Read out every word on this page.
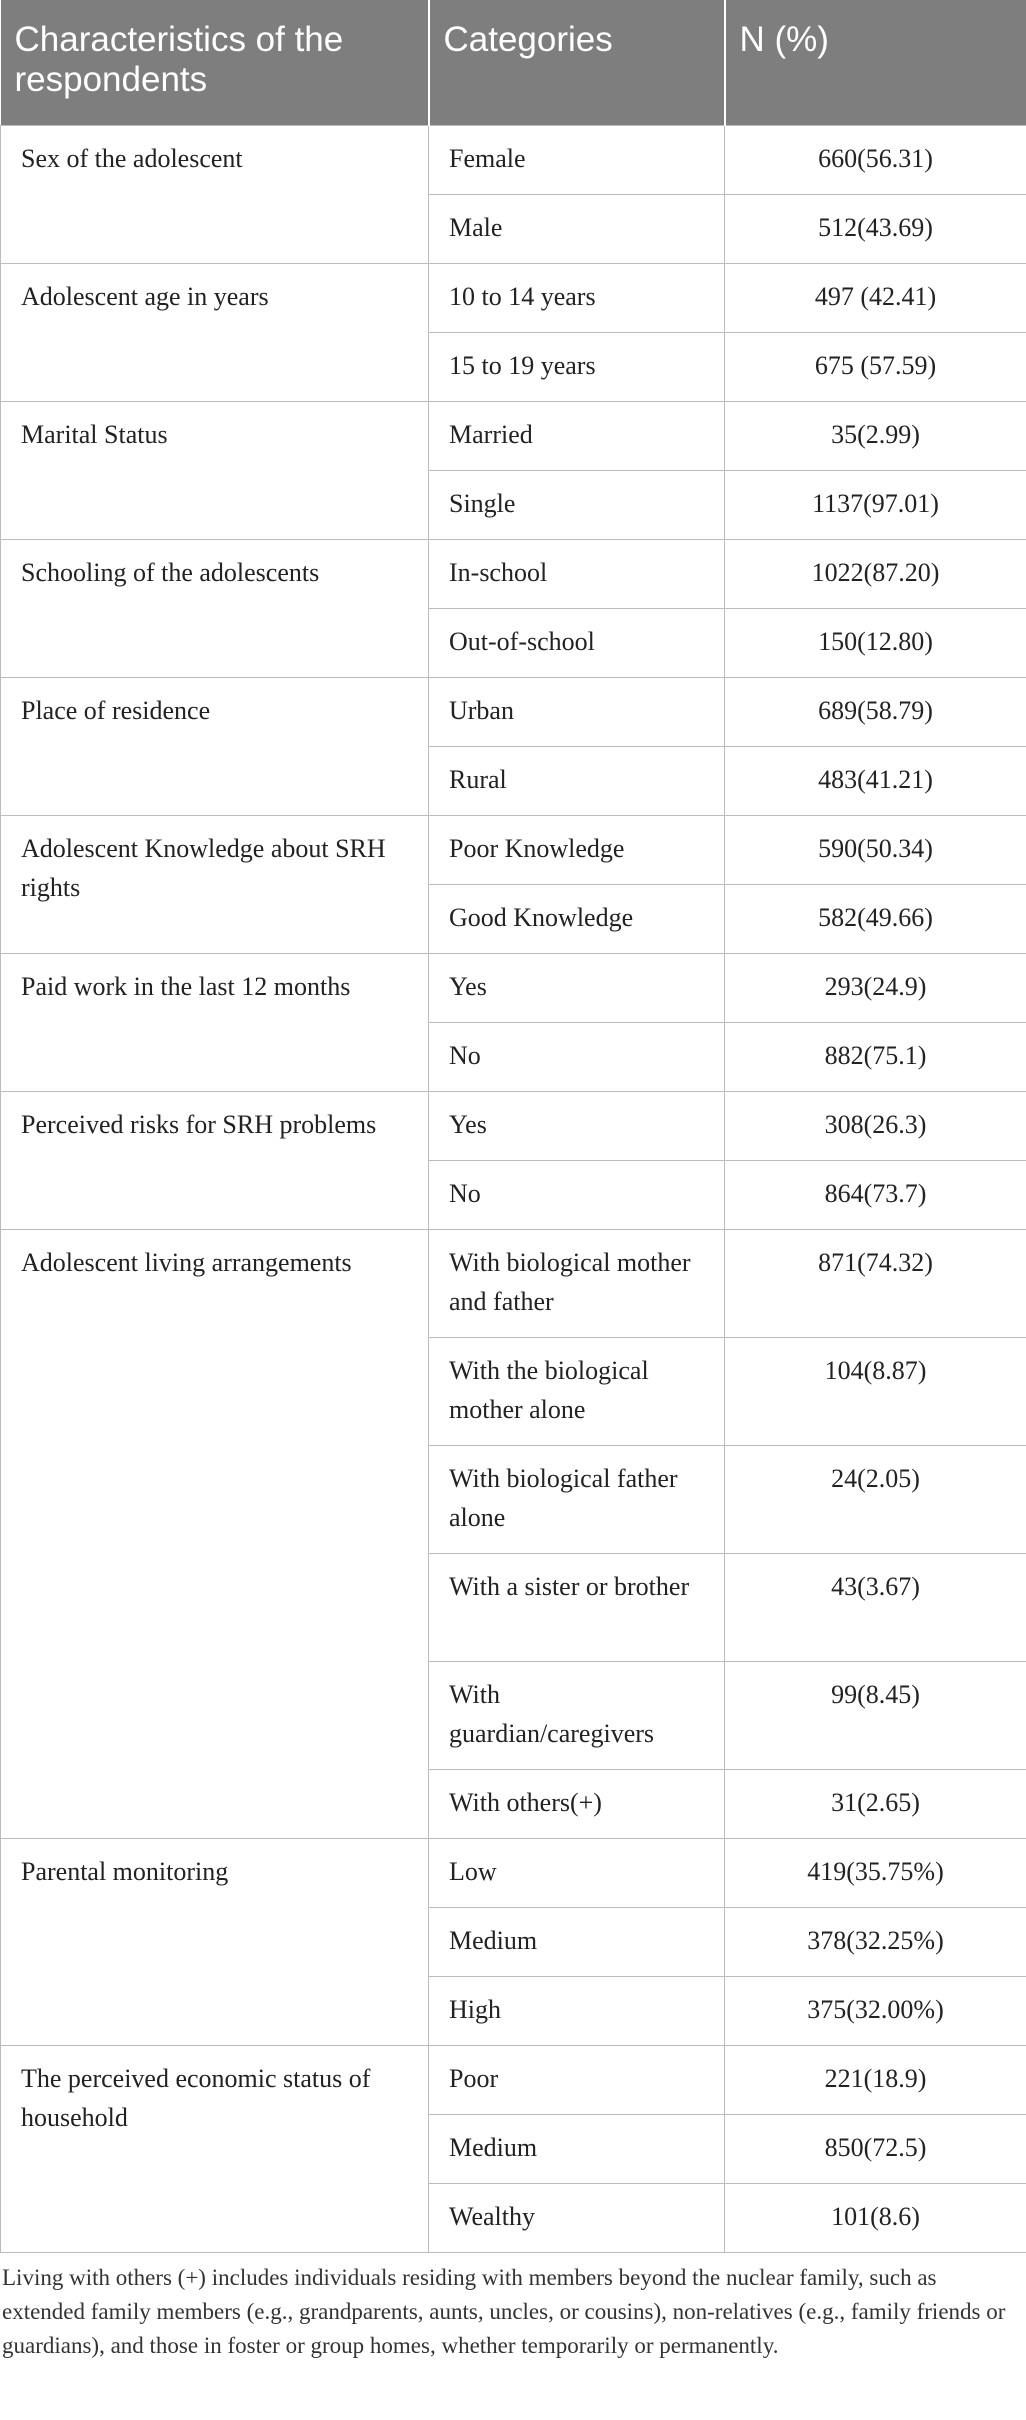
Characteristics of the respondents	Categories	N (%)
Sex of the adolescent	Female	660(56.31)
	Male	512(43.69)
Adolescent age in years	10 to 14 years	497 (42.41)
	15 to 19 years	675 (57.59)
Marital Status	Married	35(2.99)
	Single	1137(97.01)
Schooling of the adolescents	In-school	1022(87.20)
	Out-of-school	150(12.80)
Place of residence	Urban	689(58.79)
	Rural	483(41.21)
Adolescent Knowledge about SRH rights	Poor Knowledge	590(50.34)
	Good Knowledge	582(49.66)
Paid work in the last 12 months	Yes	293(24.9)
	No	882(75.1)
Perceived risks for SRH problems	Yes	308(26.3)
	No	864(73.7)
Adolescent living arrangements	With biological mother and father	871(74.32)
	With the biological mother alone	104(8.87)
	With biological father alone	24(2.05)
	With a sister or brother	43(3.67)
	With guardian/caregivers	99(8.45)
	With others(+)	31(2.65)
Parental monitoring	Low	419(35.75%)
	Medium	378(32.25%)
	High	375(32.00%)
The perceived economic status of household	Poor	221(18.9)
	Medium	850(72.5)
	Wealthy	101(8.6)

Living with others (+) includes individuals residing with members beyond the nuclear family, such as extended family members (e.g., grandparents, aunts, uncles, or cousins), non-relatives (e.g., family friends or guardians), and those in foster or group homes, whether temporarily or permanently.
